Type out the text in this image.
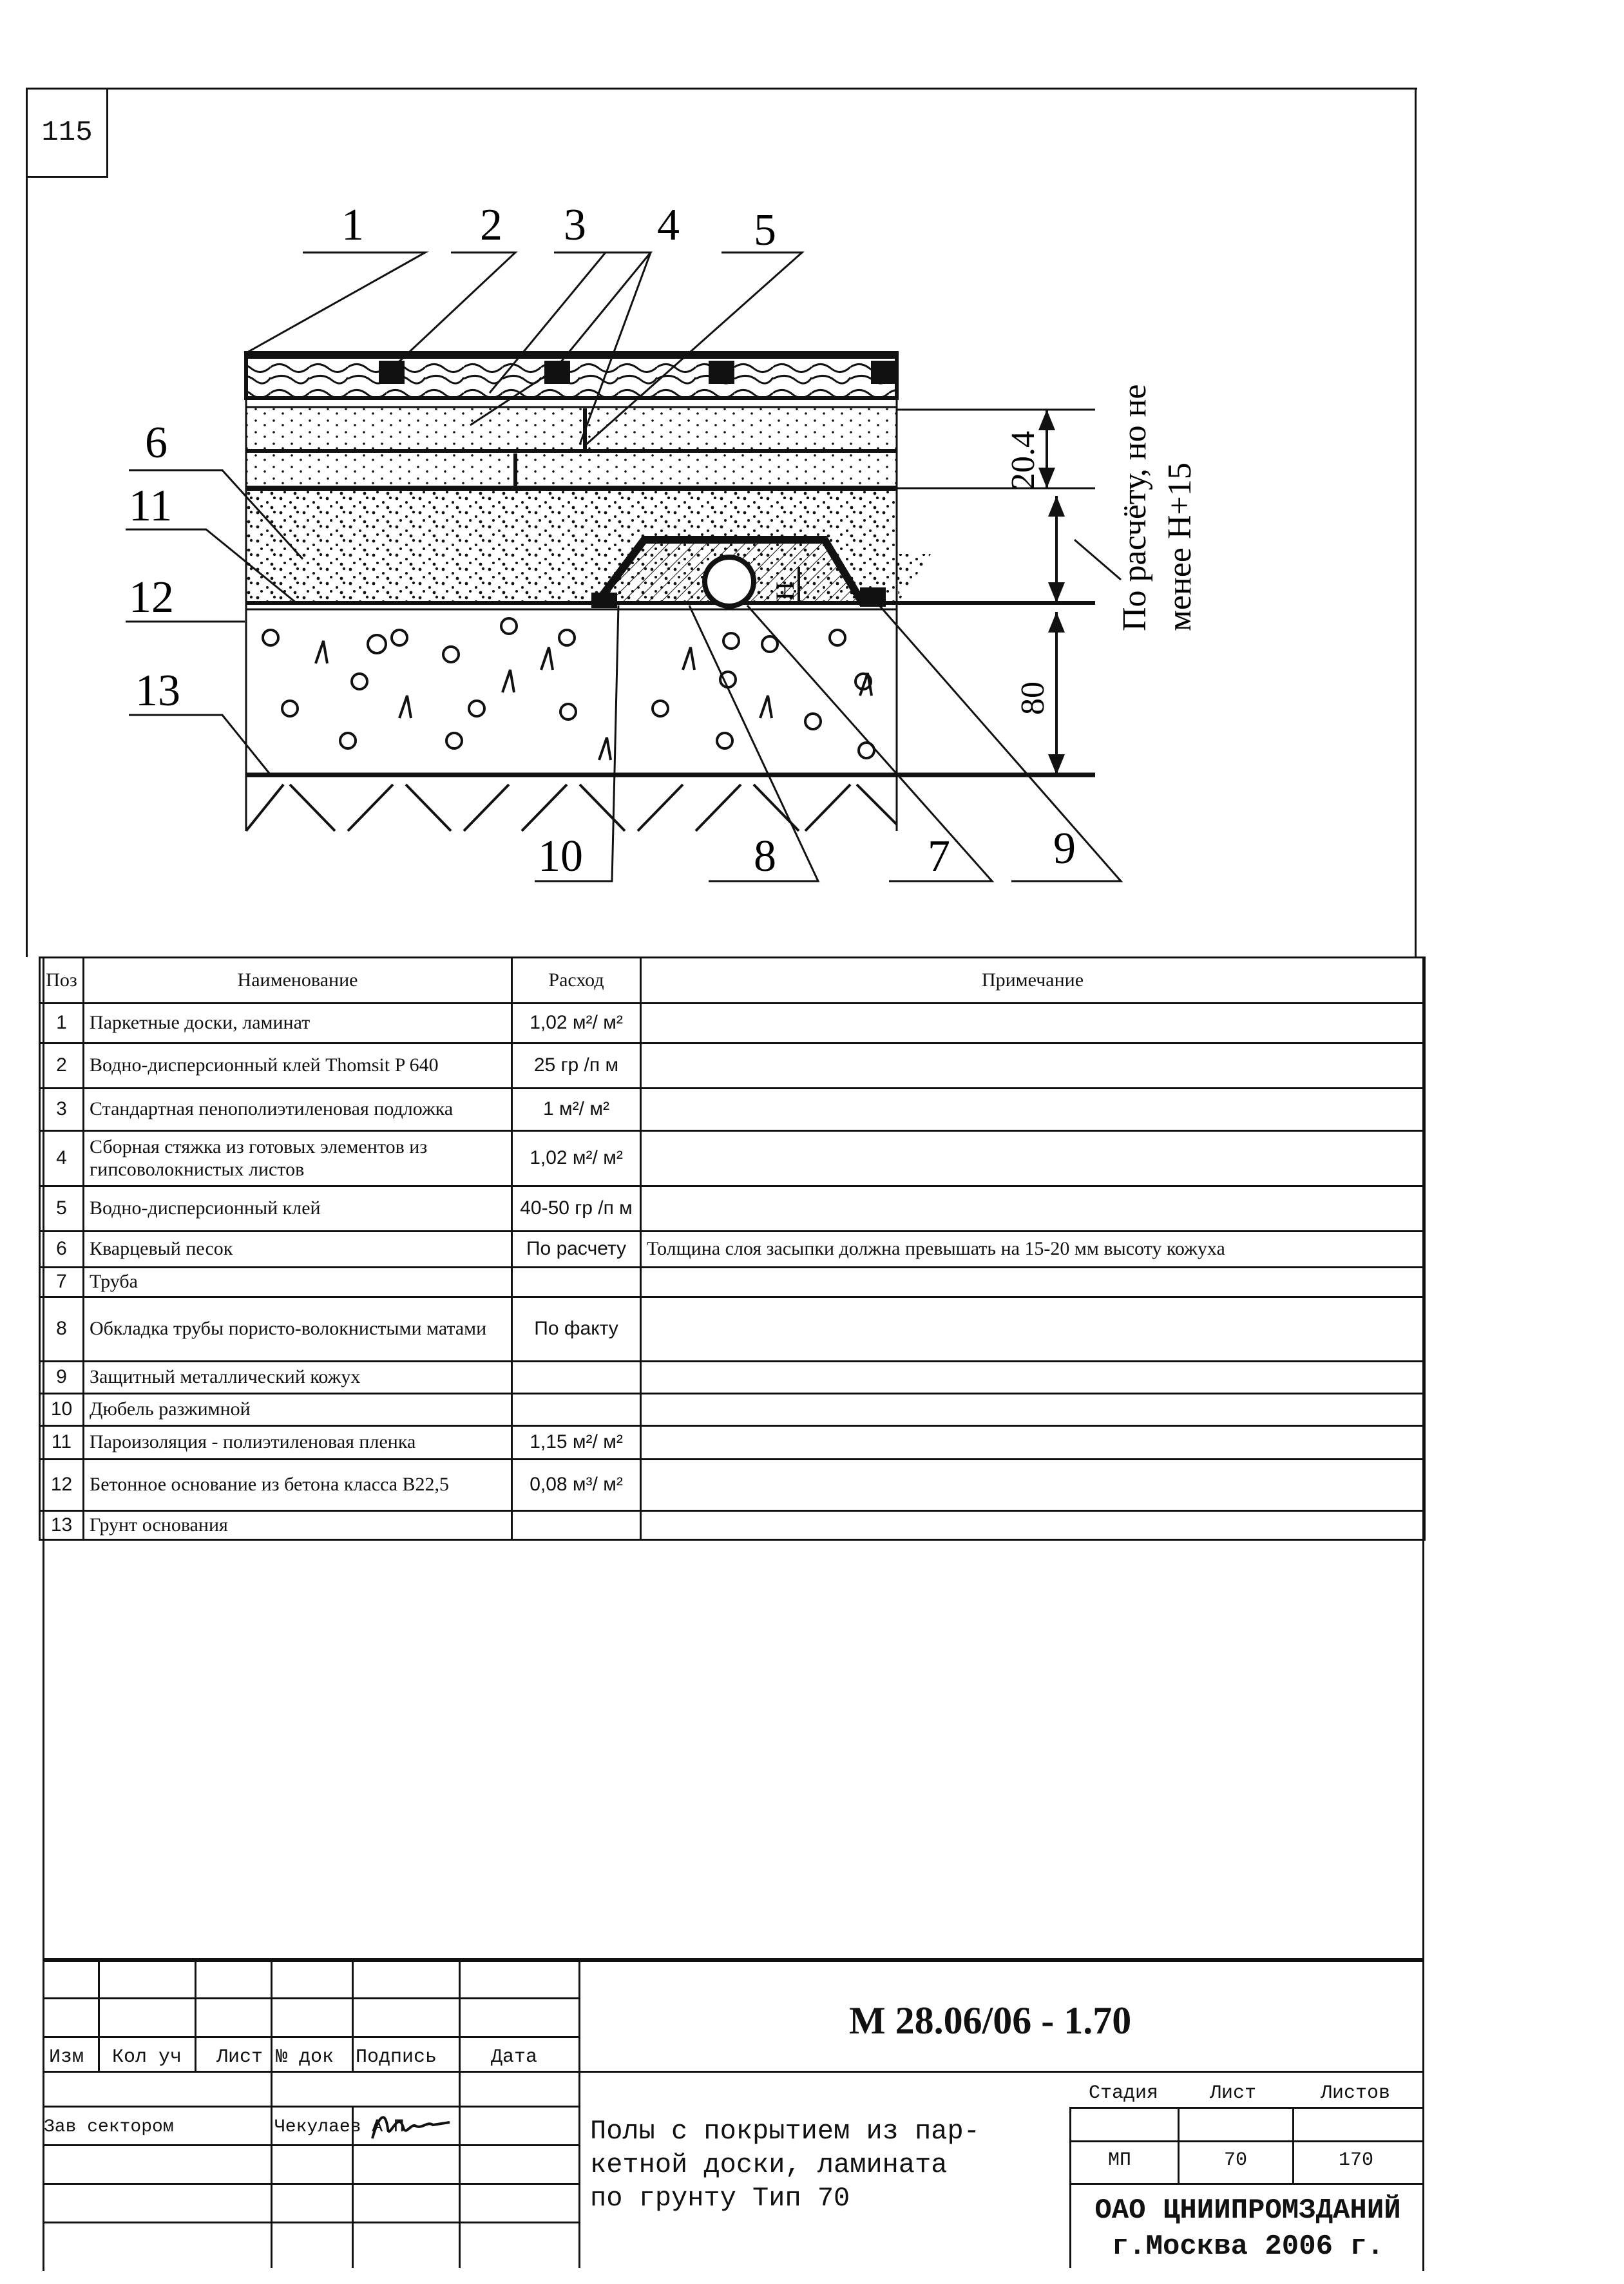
115
20.4
80
Н	По расчёту, но не менее Н+15
1	2 3 4 5
6
11
12
13
10	8	7 9
Поз	Наименование	Расход	Примечание
1	Паркетные доски, ламинат	1,02 м²/ м²	
2	Водно-дисперсионный клей Thomsit P 640	25 гр /п м	
3	Стандартная пенополиэтиленовая подложка	1 м²/ м²	
4	Сборная стяжка из готовых элементов из гипсоволокнистых листов	1,02 м²/ м²	
5	Водно-дисперсионный клей	40-50 гр /п м	
6	Кварцевый песок	По расчету	Толщина слоя засыпки должна превышать на 15-20 мм высоту кожуха
7	Труба		
8	Обкладка трубы пористо-волокнистыми матами	По факту	
9	Защитный металлический кожух		
10	Дюбель разжимной		
11	Пароизоляция - полиэтиленовая пленка	1,15 м²/ м²	
12	Бетонное основание из бетона класса В22,5	0,08 м³/ м²	
13	Грунт основания		
Изм Кол уч Лист № док Подпись	Дата
Зав сектором	Чекулаев А П
М 28.06/06 - 1.70
Полы с покрытием из пар-
кетной доски, ламината
по грунту Тип 70
Стадия	Лист	Листов
МП	70	170
ОАО ЦНИИПРОМЗДАНИЙ
г.Москва 2006 г.
